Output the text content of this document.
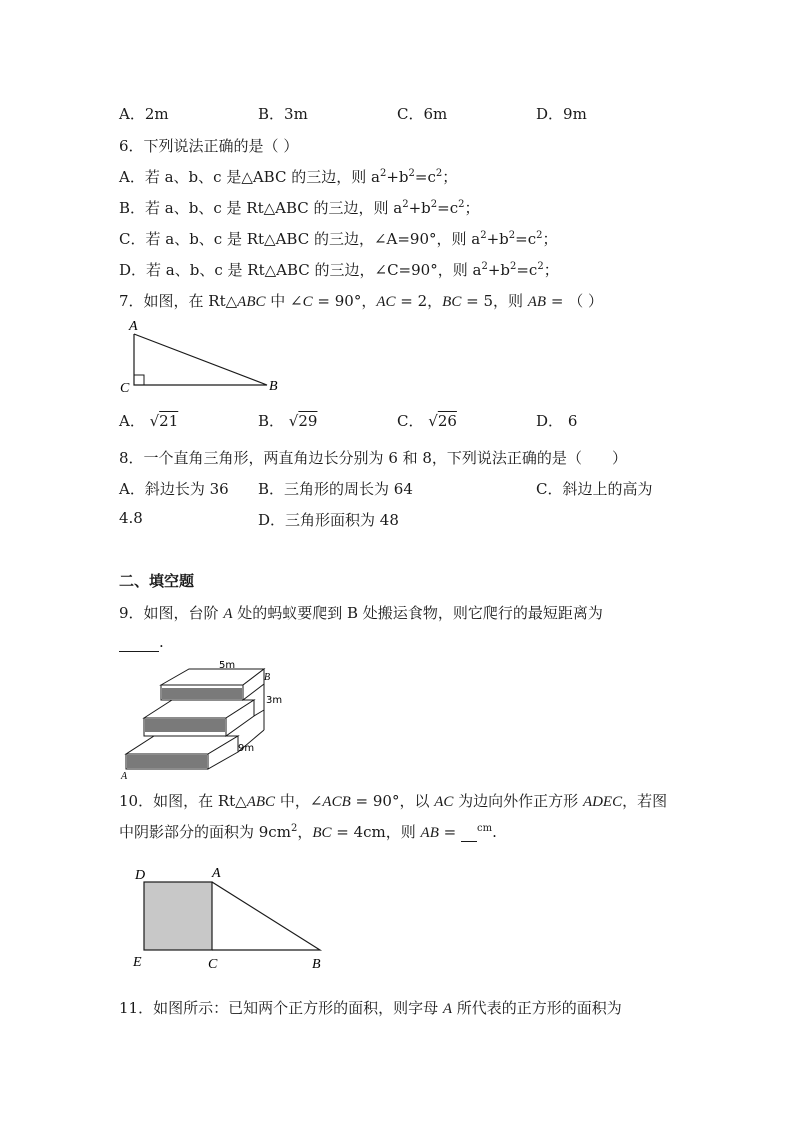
A．2m	B．3m	C．6m	D．9m
6．下列说法正确的是（ ）
A．若 a、b、c 是△ABC 的三边，则 $a^2+b^2=c^2$；
B．若 a、b、c 是 Rt△ABC 的三边，则 $a^2+b^2=c^2$；
C．若 a、b、c 是 Rt△ABC 的三边，∠A=90°，则 $a^2+b^2=c^2$；
D．若 a、b、c 是 Rt△ABC 的三边，∠C=90°，则 $a^2+b^2=c^2$；
7．如图，在 Rt△ABC 中 ∠C = 90°，AC = 2，BC = 5，则 AB = （ ）
A
C	B
A． √21	B． √29	C． √26	D． 6
8．一个直角三角形，两直角边长分别为 6 和 8，下列说法正确的是（　　）
A．斜边长为 36 B．三角形的周长为 64	C．斜边上的高为
4.8	D．三角形面积为 48
二、填空题
9．如图，台阶 A 处的蚂蚁要爬到 B 处搬运食物，则它爬行的最短距离为
.
5m
3m
9m
A
B
10．如图，在 Rt△ABC 中，∠ACB = 90°，以 AC 为边向外作正方形 ADEC，若图
中阴影部分的面积为 $9cm^2$，BC = 4cm，则 AB =  $^{cm}$.
D	A
E	C	B
11．如图所示：已知两个正方形的面积，则字母 A 所代表的正方形的面积为
